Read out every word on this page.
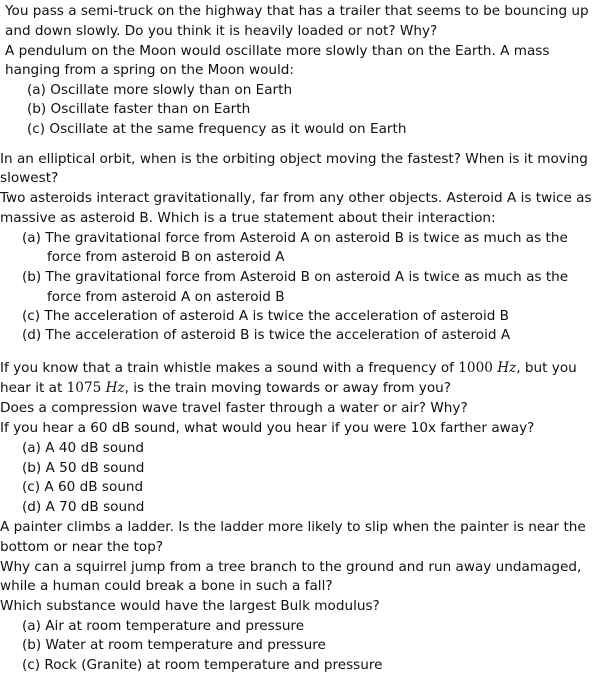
You pass a semi-truck on the highway that has a trailer that seems to be bouncing up
and down slowly. Do you think it is heavily loaded or not? Why?
A pendulum on the Moon would oscillate more slowly than on the Earth. A mass
hanging from a spring on the Moon would:
(a) Oscillate more slowly than on Earth
(b) Oscillate faster than on Earth
(c) Oscillate at the same frequency as it would on Earth
In an elliptical orbit, when is the orbiting object moving the fastest? When is it moving
slowest?
Two asteroids interact gravitationally, far from any other objects. Asteroid A is twice as
massive as asteroid B. Which is a true statement about their interaction:
(a) The gravitational force from Asteroid A on asteroid B is twice as much as the
force from asteroid B on asteroid A
(b) The gravitational force from Asteroid B on asteroid A is twice as much as the
force from asteroid A on asteroid B
(c) The acceleration of asteroid A is twice the acceleration of asteroid B
(d) The acceleration of asteroid B is twice the acceleration of asteroid A
If you know that a train whistle makes a sound with a frequency of 1000 Hz, but you
hear it at 1075 Hz, is the train moving towards or away from you?
Does a compression wave travel faster through a water or air? Why?
If you hear a 60 dB sound, what would you hear if you were 10x farther away?
(a) A 40 dB sound
(b) A 50 dB sound
(c) A 60 dB sound
(d) A 70 dB sound
A painter climbs a ladder. Is the ladder more likely to slip when the painter is near the
bottom or near the top?
Why can a squirrel jump from a tree branch to the ground and run away undamaged,
while a human could break a bone in such a fall?
Which substance would have the largest Bulk modulus?
(a) Air at room temperature and pressure
(b) Water at room temperature and pressure
(c) Rock (Granite) at room temperature and pressure
